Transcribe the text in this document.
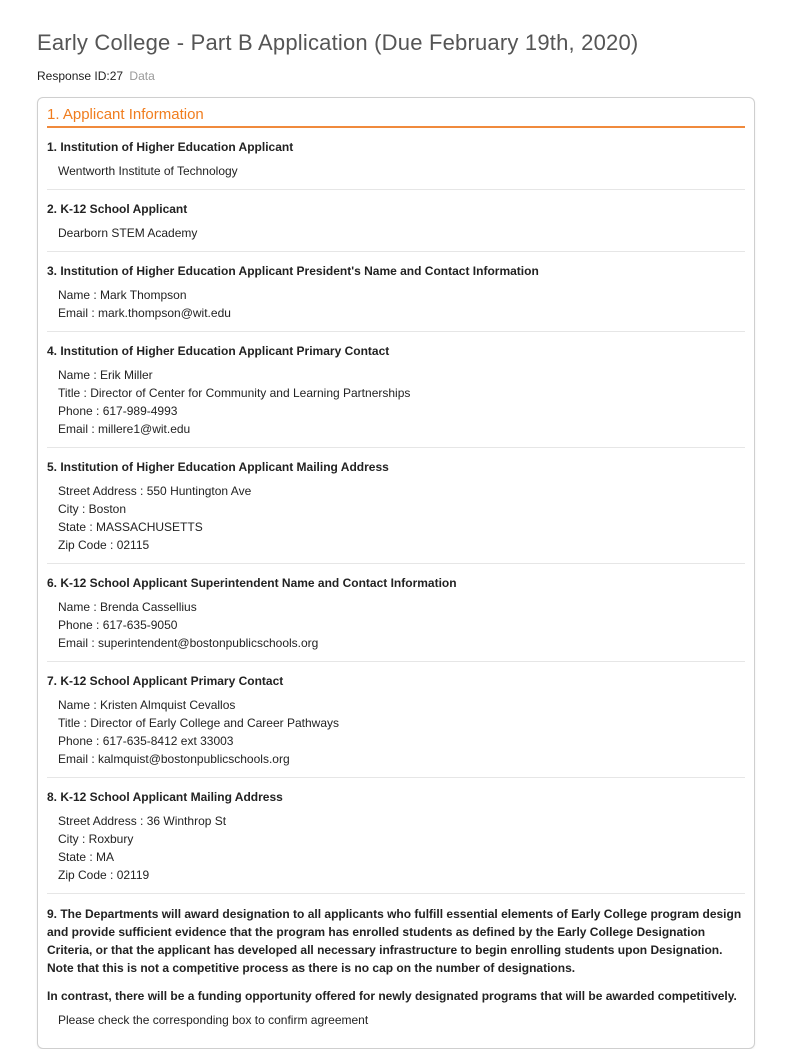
Early College - Part B Application (Due February 19th, 2020)
Response ID:27 Data
1. Applicant Information
1. Institution of Higher Education Applicant
Wentworth Institute of Technology
2. K-12 School Applicant
Dearborn STEM Academy
3. Institution of Higher Education Applicant President's Name and Contact Information
Name : Mark Thompson
Email : mark.thompson@wit.edu
4. Institution of Higher Education Applicant Primary Contact
Name : Erik Miller
Title : Director of Center for Community and Learning Partnerships
Phone : 617-989-4993
Email : millere1@wit.edu
5. Institution of Higher Education Applicant Mailing Address
Street Address : 550 Huntington Ave
City : Boston
State : MASSACHUSETTS
Zip Code : 02115
6. K-12 School Applicant Superintendent Name and Contact Information
Name : Brenda Cassellius
Phone : 617-635-9050
Email : superintendent@bostonpublicschools.org
7. K-12 School Applicant Primary Contact
Name : Kristen Almquist Cevallos
Title : Director of Early College and Career Pathways
Phone : 617-635-8412 ext 33003
Email : kalmquist@bostonpublicschools.org
8. K-12 School Applicant Mailing Address
Street Address : 36 Winthrop St
City : Roxbury
State : MA
Zip Code : 02119
9. The Departments will award designation to all applicants who fulfill essential elements of Early College program design and provide sufficient evidence that the program has enrolled students as defined by the Early College Designation Criteria, or that the applicant has developed all necessary infrastructure to begin enrolling students upon Designation. Note that this is not a competitive process as there is no cap on the number of designations.
In contrast, there will be a funding opportunity offered for newly designated programs that will be awarded competitively.
Please check the corresponding box to confirm agreement
